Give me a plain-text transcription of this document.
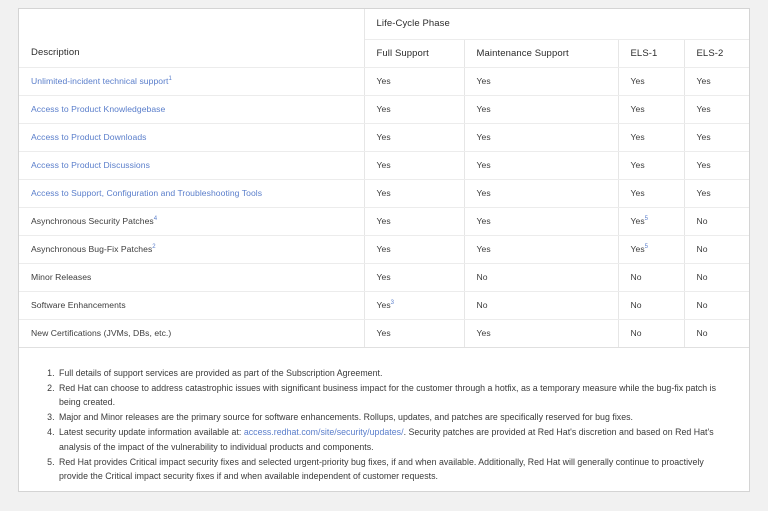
	Life-Cycle Phase			
Description	Full Support	Maintenance Support	ELS-1	ELS-2
Unlimited-incident technical support$^1$	Yes	Yes	Yes	Yes
Access to Product Knowledgebase	Yes	Yes	Yes	Yes
Access to Product Downloads	Yes	Yes	Yes	Yes
Access to Product Discussions	Yes	Yes	Yes	Yes
Access to Support, Configuration and Troubleshooting Tools	Yes	Yes	Yes	Yes
Asynchronous Security Patches$^4$	Yes	Yes	Yes$^5$	No
Asynchronous Bug-Fix Patches$^2$	Yes	Yes	Yes$^5$	No
Minor Releases	Yes	No	No	No
Software Enhancements	Yes$^3$	No	No	No
New Certifications (JVMs, DBs, etc.)	Yes	Yes	No	No
1. Full details of support services are provided as part of the Subscription Agreement.
2. Red Hat can choose to address catastrophic issues with significant business impact for the customer through a hotfix, as a temporary measure while the bug-fix patch is being created.
3. Major and Minor releases are the primary source for software enhancements. Rollups, updates, and patches are specifically reserved for bug fixes.
4. Latest security update information available at: access.redhat.com/site/security/updates/. Security patches are provided at Red Hat's discretion and based on Red Hat's analysis of the impact of the vulnerability to individual products and components.
5. Red Hat provides Critical impact security fixes and selected urgent-priority bug fixes, if and when available. Additionally, Red Hat will generally continue to proactively provide the Critical impact security fixes if and when available independent of customer requests.
